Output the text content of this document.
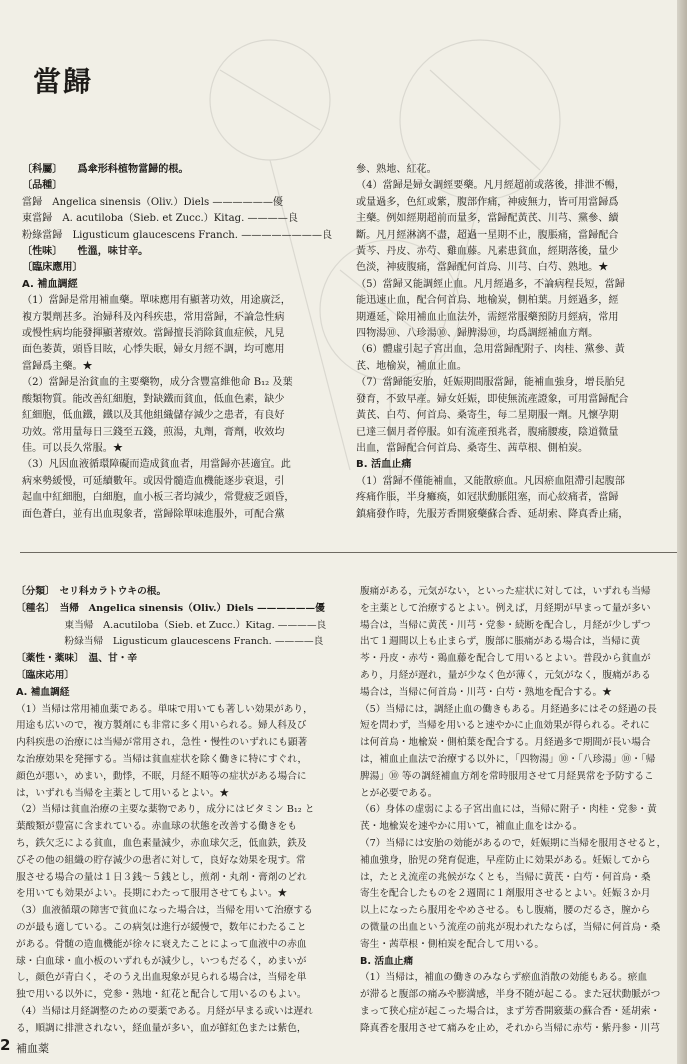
當歸

〔科屬〕　　爲傘形科植物當歸的根。

〔品種〕

當歸　Angelica sinensis（Oliv.）Diels ——————優

東當歸　A. acutiloba（Sieb. et Zucc.）Kitag. ————良

粉綠當歸　Ligusticum glaucescens Franch. ————————良

〔性味〕　　性溫，味甘辛。

〔臨床應用〕

A. 補血調經

（1）當歸是常用補血藥。單味應用有顯著功效，用途廣泛，

複方製劑甚多。治婦科及內科疾患，常用當歸，不論急性病

或慢性病均能發揮顯著療效。當歸擅長消除貧血症候，凡見

面色萎黃，頭昏目眩，心悸失眠，婦女月經不調，均可應用

當歸爲主藥。★

（2）當歸是治貧血的主要藥物，成分含豐富維他命 B₁₂ 及葉

酸類物質。能改善紅細胞，對缺鐵而貧血，低血色素，缺少

紅細胞，低血鐵，鐵以及其他組織儲存減少之患者，有良好

功效。常用量每日三錢至五錢，煎湯，丸劑，膏劑，收效均

佳。可以長久常服。★

（3）凡因血液循環障礙而造成貧血者，用當歸亦甚適宜。此

病來勢緩慢，可延續數年。或因骨髓造血機能逐步衰退，引

起血中紅細胞，白細胞，血小板三者均減少，常覺疲乏頭昏，

面色蒼白，並有出血現象者，當歸除單味進服外，可配合黨

參、熟地、紅花。

（4）當歸是婦女調經要藥。凡月經超前或落後，排泄不暢，

或量過多，色紅或紫，腹部作痛，神疲無力，皆可用當歸爲

主藥。例如經期超前而量多，當歸配黃芪、川芎、黨參、續

斷。凡月經淋漓不盡，超過一星期不止，腹脹痛，當歸配合

黃芩、丹皮、赤芍、雞血藤。凡素患貧血，經期落後，量少

色淡，神疲腹痛，當歸配何首烏、川芎、白芍、熟地。★

（5）當歸又能調經止血。凡月經過多，不論病程長短，當歸

能迅速止血，配合何首烏、地榆炭，側柏葉。月經過多，經

期遷延，除用補血止血法外，需經常服藥預防月經病，常用

四物湯⑩、八珍湯⑩、歸脾湯⑩，均爲調經補血方劑。

（6）體虛引起子宮出血，急用當歸配附子、肉桂、黨參、黃

芪、地榆炭，補血止血。

（7）當歸能安胎，妊娠期間服當歸，能補血強身，增長胎兒

發育，不致早產。婦女妊娠，即使無流產證象，可用當歸配合

黃芪、白芍、何首烏、桑寄生，每二星期服一劑。凡懷孕期

已達三個月者停服。如有流產預兆者，腹痛腰痠，陰道微量

出血，當歸配合何首烏、桑寄生、茜草根、側柏炭。

B. 活血止痛

（1）當歸不僅能補血，又能散瘀血。凡因瘀血阻滯引起腹部

疼痛作脹，半身癱瘓，如冠狀動脈阻塞，而心絞痛者，當歸

鎮痛發作時，先服芳香開竅藥蘇合香、延胡索、降真香止痛，

〔分類〕　セリ科カラトウキの根。

〔種名〕　当帰　Angelica sinensis（Oliv.）Diels ——————優

　　　　　東当帰　A.acutiloba（Sieb. et Zucc.）Kitag. ————良

　　　　　粉緑当帰　Ligusticum glaucescens Franch. ————良

〔薬性・薬味〕　温、甘・辛

〔臨床応用〕

A. 補血調経

（1）当帰は常用補血薬である。単味で用いても著しい効果があり，

用途も広いので，複方製剤にも非常に多く用いられる。婦人科及び

内科疾患の治療には当帰が常用され，急性・慢性のいずれにも顕著

な治療効果を発揮する。当帰は貧血症状を除く働きに特にすぐれ，

顔色が悪い，めまい，動悸，不眠，月経不順等の症状がある場合に

は，いずれも当帰を主薬として用いるとよい。★

（2）当帰は貧血治療の主要な薬物であり，成分にはビタミン B₁₂ と

葉酸類が豊富に含まれている。赤血球の状態を改善する働きをも

ち，鉄欠乏による貧血，血色素量減少，赤血球欠乏，低血鉄，鉄及

びその他の組織の貯存減少の患者に対して，良好な効果を現す。常

服させる場合の量は１日３銭〜５銭とし，煎剤・丸剤・膏剤のどれ

を用いても効果がよい。長期にわたって服用させてもよい。★

（3）血液循環の障害で貧血になった場合は，当帰を用いて治療する

のが最も適している。この病気は進行が緩慢で，数年にわたること

がある。骨髄の造血機能が徐々に衰えたことによって血液中の赤血

球・白血球・血小板のいずれもが減少し，いつもだるく，めまいが

し，顔色が青白く，そのうえ出血現象が見られる場合は，当帰を単

独で用いる以外に，党参・熟地・紅花と配合して用いるのもよい。

（4）当帰は月経調整のための要薬である。月経が早まる或いは遅れ

る，順調に排泄されない，経血量が多い，血が鮮紅色または紫色，

腹痛がある，元気がない，といった症状に対しては，いずれも当帰

を主薬として治療するとよい。例えば，月経期が早まって量が多い

場合は，当帰に黄芪・川芎・党参・続断を配合し，月経が少しずつ

出て１週間以上も止まらず，腹部に脹痛がある場合は，当帰に黄

芩・丹皮・赤芍・鶏血藤を配合して用いるとよい。普段から貧血が

あり，月経が遅れ，量が少なく色が薄く，元気がなく，腹痛がある

場合は，当帰に何首烏・川芎・白芍・熟地を配合する。★

（5）当帰には，調経止血の働きもある。月経過多にはその経過の長

短を問わず，当帰を用いると速やかに止血効果が得られる。それに

は何首烏・地楡炭・側柏葉を配合する。月経過多で期間が長い場合

は，補血止血法で治療する以外に，「四物湯」⑩・「八珍湯」⑩・「帰

脾湯」⑩ 等の調経補血方剤を常時服用させて月経異常を予防するこ

とが必要である。

（6）身体の虚弱による子宮出血には，当帰に附子・肉桂・党参・黄

芪・地楡炭を速やかに用いて，補血止血をはかる。

（7）当帰には安胎の効能があるので，妊娠期に当帰を服用させると，

補血強身，胎児の発育促進，早産防止に効果がある。妊娠してから

は，たとえ流産の兆候がなくとも，当帰に黄芪・白芍・何首烏・桑

寄生を配合したものを２週間に１剤服用させるとよい。妊娠３か月

以上になったら服用をやめさせる。もし腹痛，腰のだるさ，膣から

の微量の出血という流産の前兆が現われたならば，当帰に何首烏・桑

寄生・茜草根・側柏炭を配合して用いる。

B. 活血止痛

（1）当帰は，補血の働きのみならず瘀血消散の効能もある。瘀血

が滞ると腹部の痛みや膨満感，半身不随が起こる。また冠状動脈がつ

まって狭心症が起こった場合は，まず芳香開竅薬の蘇合香・延胡索・

降真香を服用させて痛みを止め，それから当帰に赤芍・紫丹参・川芎

2 補血薬
